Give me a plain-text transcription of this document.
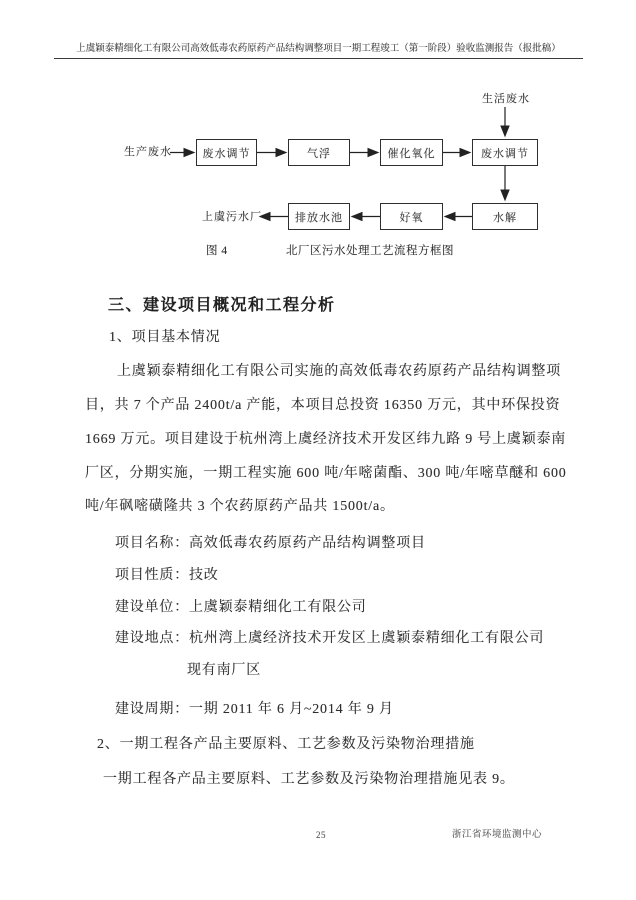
上虞颖泰精细化工有限公司高效低毒农药原药产品结构调整项目一期工程竣工（第一阶段）验收监测报告（报批稿）
生活废水
生产废水
上虞污水厂
废水调节	气浮	催化氧化	废水调节
水解
好氧
排放水池
图 4	北厂区污水处理工艺流程方框图
三、建设项目概况和工程分析
1、项目基本情况
上虞颖泰精细化工有限公司实施的高效低毒农药原药产品结构调整项
目，共 7 个产品 2400t/a 产能，本项目总投资 16350 万元，其中环保投资
1669 万元。项目建设于杭州湾上虞经济技术开发区纬九路 9 号上虞颖泰南
厂区，分期实施，一期工程实施 600 吨/年嘧菌酯、300 吨/年嘧草醚和 600
吨/年砜嘧磺隆共 3 个农药原药产品共 1500t/a。
项目名称：高效低毒农药原药产品结构调整项目
项目性质：技改
建设单位：上虞颖泰精细化工有限公司
建设地点：杭州湾上虞经济技术开发区上虞颖泰精细化工有限公司
现有南厂区
建设周期：一期 2011 年 6 月~2014 年 9 月
2、一期工程各产品主要原料、工艺参数及污染物治理措施
一期工程各产品主要原料、工艺参数及污染物治理措施见表 9。
25	浙江省环境监测中心
